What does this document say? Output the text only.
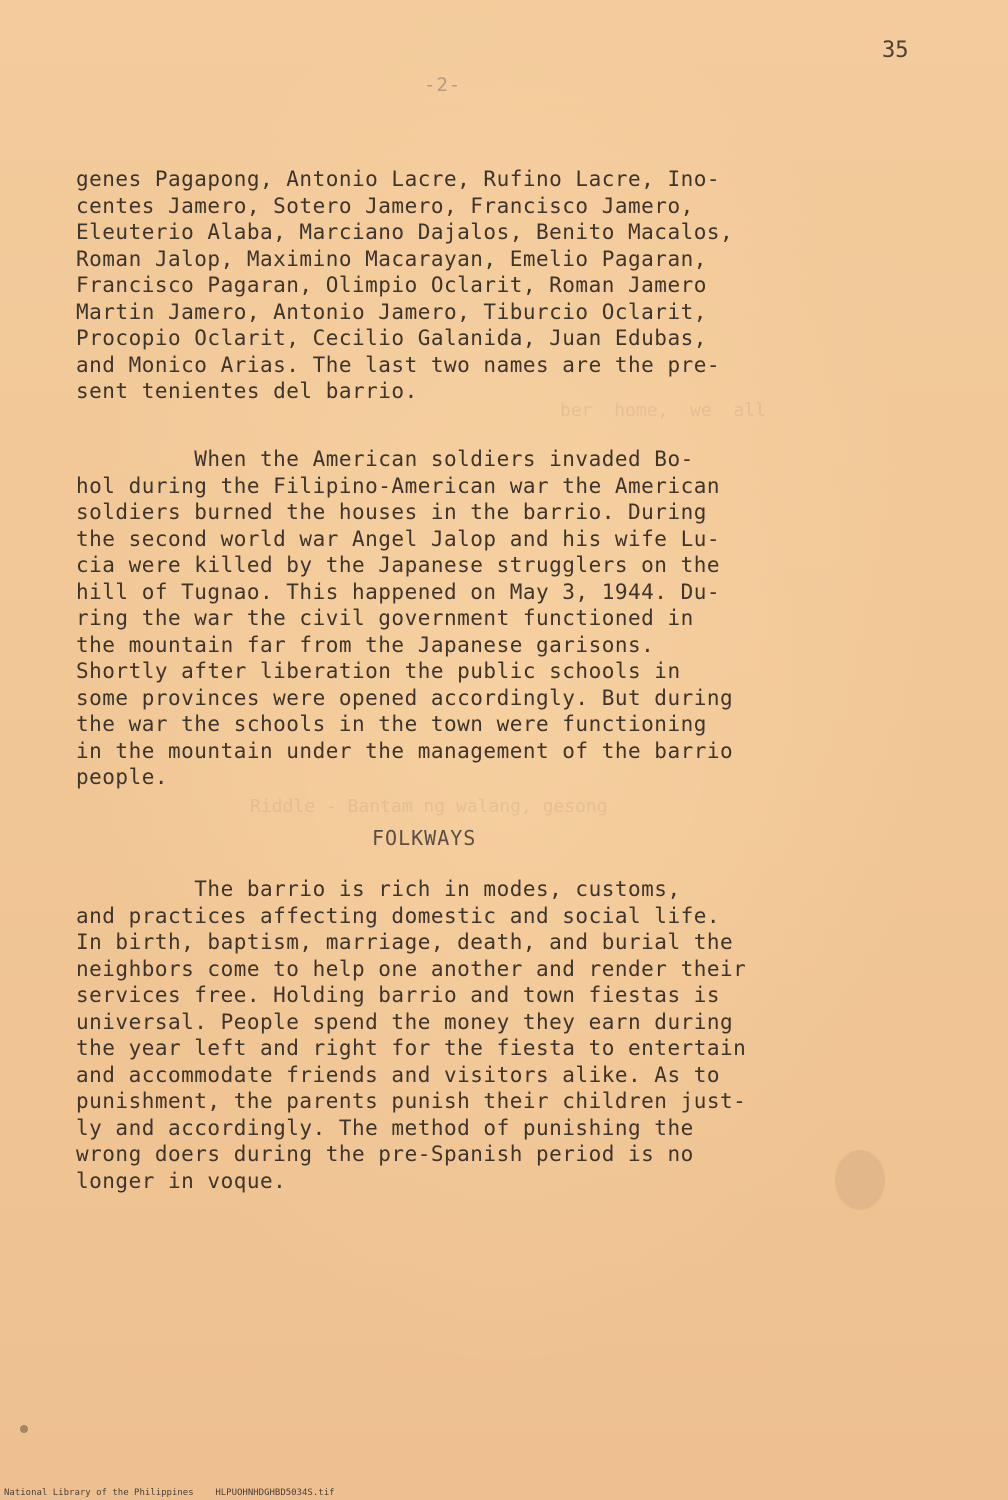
35
-2-
ber  home,  we  all
Riddle - Bantam ng walang, gesong
genes Pagapong, Antonio Lacre, Rufino Lacre, Ino-
centes Jamero, Sotero Jamero, Francisco Jamero,
Eleuterio Alaba, Marciano Dajalos, Benito Macalos,
Roman Jalop, Maximino Macarayan, Emelio Pagaran,
Francisco Pagaran, Olimpio Oclarit, Roman Jamero
Martin Jamero, Antonio Jamero, Tiburcio Oclarit,
Procopio Oclarit, Cecilio Galanida, Juan Edubas,
and Monico Arias. The last two names are the pre-
sent tenientes del barrio.
When the American soldiers invaded Bo-
hol during the Filipino-American war the American
soldiers burned the houses in the barrio. During
the second world war Angel Jalop and his wife Lu-
cia were killed by the Japanese strugglers on the
hill of Tugnao. This happened on May 3, 1944. Du-
ring the war the civil government functioned in
the mountain far from the Japanese garisons.
Shortly after liberation the public schools in
some provinces were opened accordingly. But during
the war the schools in the town were functioning
in the mountain under the management of the barrio
people.
FOLKWAYS
The barrio is rich in modes, customs,
and practices affecting domestic and social life.
In birth, baptism, marriage, death, and burial the
neighbors come to help one another and render their
services free. Holding barrio and town fiestas is
universal. People spend the money they earn during
the year left and right for the fiesta to entertain
and accommodate friends and visitors alike. As to
punishment, the parents punish their children just-
ly and accordingly. The method of punishing the
wrong doers during the pre-Spanish period is no
longer in voque.
National Library of the Philippines    HLPUOHNHDGHBD5034S.tif
